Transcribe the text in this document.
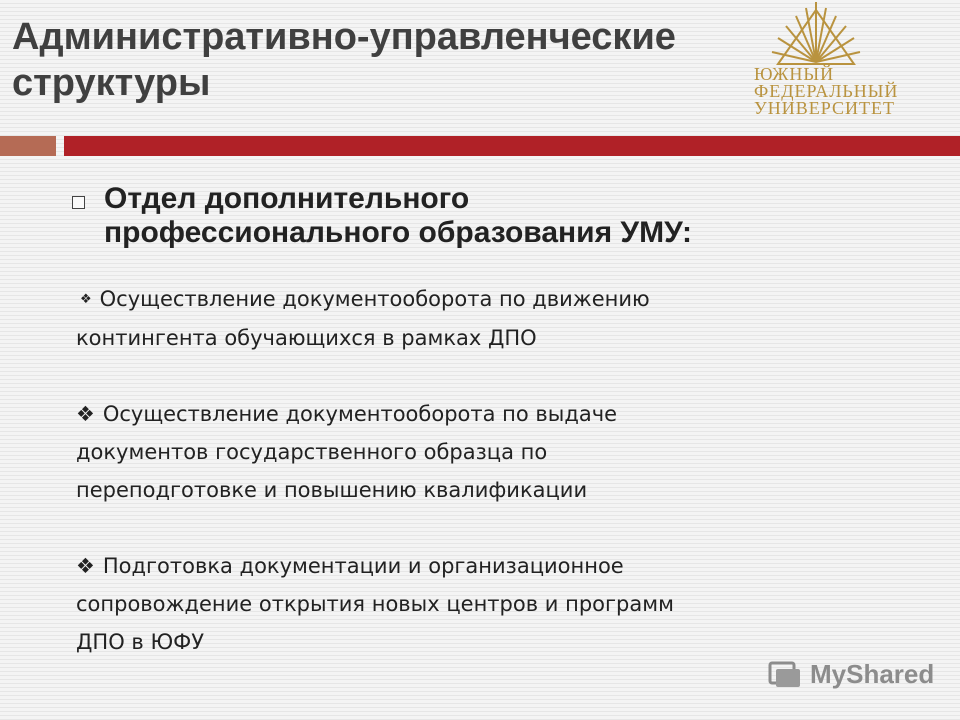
Административно-управленческие
структуры	ЮЖНЫЙ
ФЕДЕРАЛЬНЫЙ
УНИВЕРСИТЕТ
Отдел дополнительного
профессионального образования УМУ:
❖ Осуществление документооборота по движению
контингента обучающихся в рамках ДПО
❖ Осуществление документооборота по выдаче
документов государственного образца по
переподготовке и повышению квалификации
❖ Подготовка документации и организационное
сопровождение открытия новых центров и программ
ДПО в ЮФУ
MyShared
